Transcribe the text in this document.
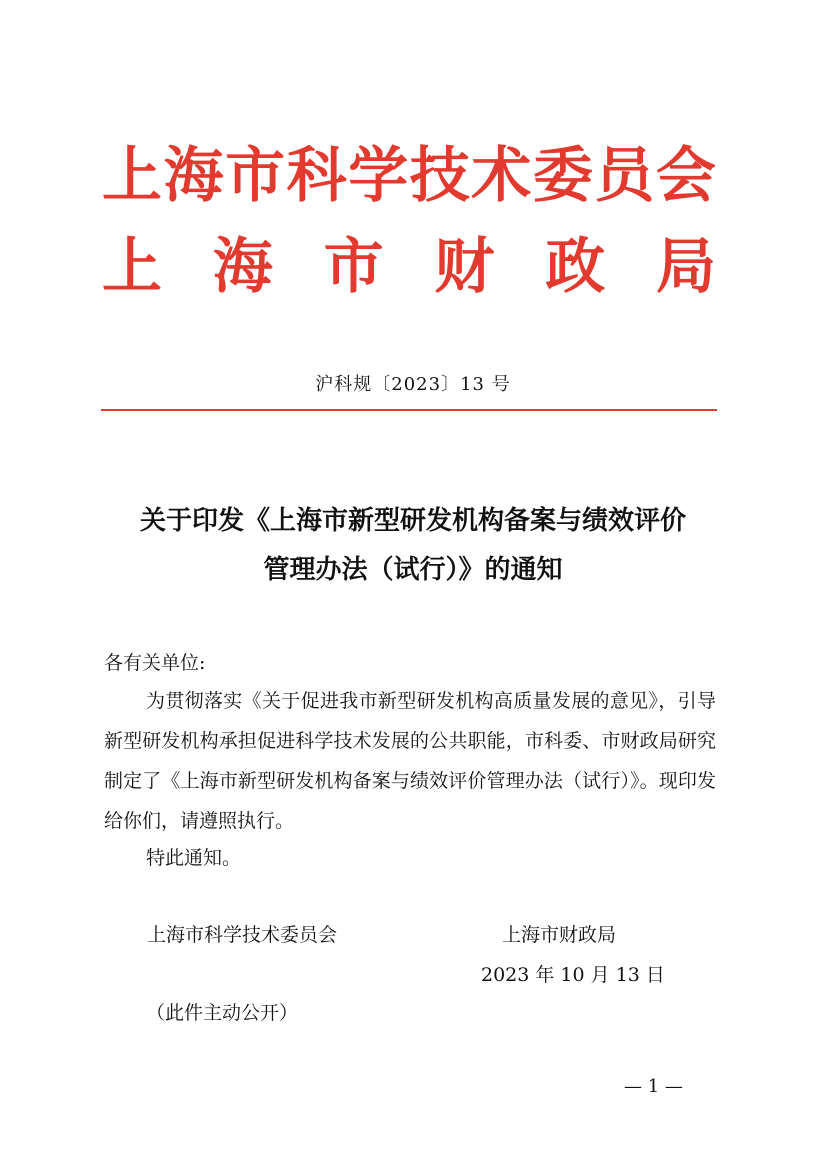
上 海 市 科 学 技 术 委 员 会
上 海 市 财 政 局
沪科规〔2023〕13 号
关于印发《上海市新型研发机构备案与绩效评价
管理办法（试行）》的通知
各有关单位:
为贯彻落实《关于促进我市新型研发机构高质量发展的意见》，引导新型研发机构承担促进科学技术发展的公共职能，市科委、市财政局研究制定了《上海市新型研发机构备案与绩效评价管理办法（试行）》。现印发给你们，请遵照执行。
特此通知。
上海市科学技术委员会	上海市财政局
2023 年 10 月 13 日
（此件主动公开）
— 1 —
